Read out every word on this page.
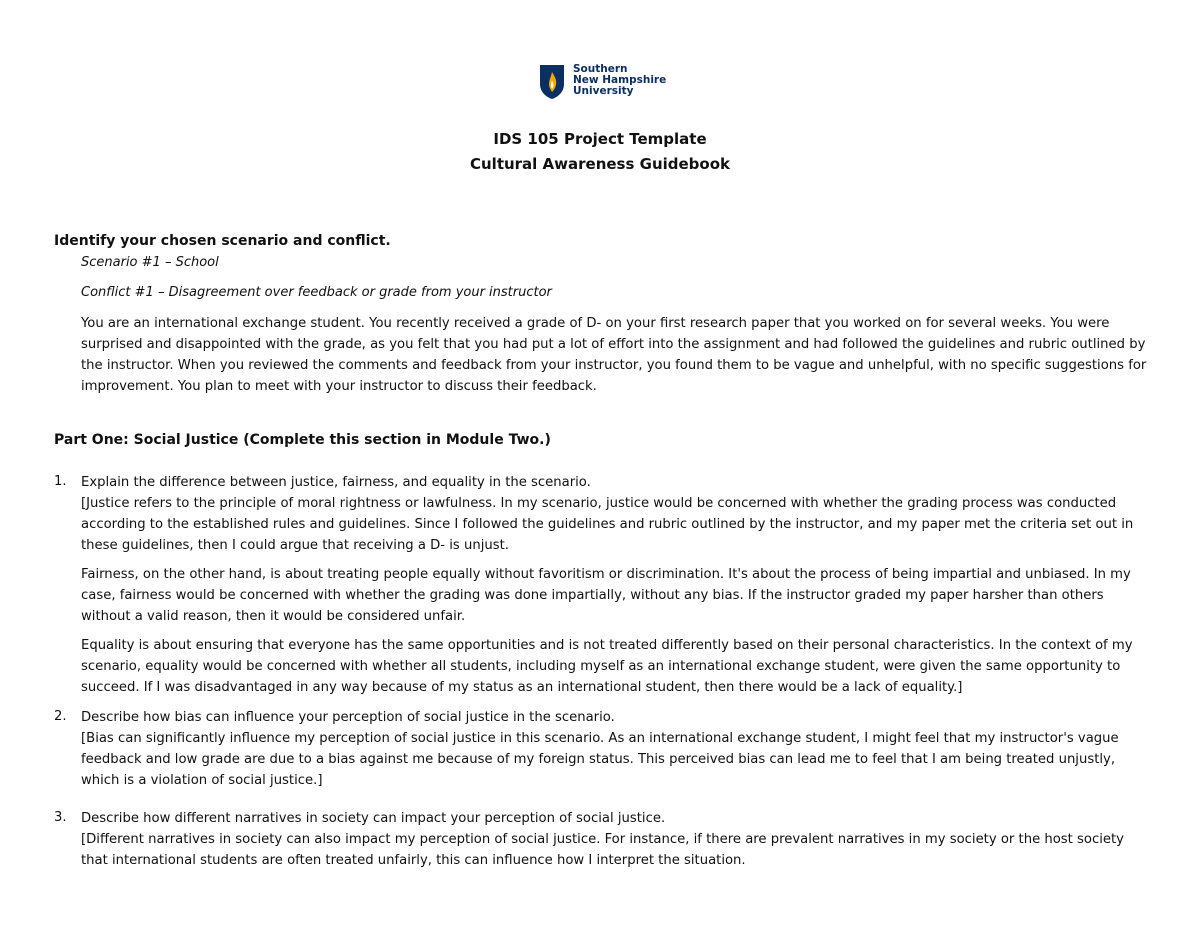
Southern
New Hampshire
University
IDS 105 Project Template
Cultural Awareness Guidebook
Identify your chosen scenario and conflict.
Scenario #1 – School
Conflict #1 – Disagreement over feedback or grade from your instructor
You are an international exchange student. You recently received a grade of D- on your first research paper that you worked on for several weeks. You were surprised and disappointed with the grade, as you felt that you had put a lot of effort into the assignment and had followed the guidelines and rubric outlined by the instructor. When you reviewed the comments and feedback from your instructor, you found them to be vague and unhelpful, with no specific suggestions for improvement. You plan to meet with your instructor to discuss their feedback.
Part One: Social Justice (Complete this section in Module Two.)
1. Explain the difference between justice, fairness, and equality in the scenario.
[Justice refers to the principle of moral rightness or lawfulness. In my scenario, justice would be concerned with whether the grading process was conducted according to the established rules and guidelines. Since I followed the guidelines and rubric outlined by the instructor, and my paper met the criteria set out in these guidelines, then I could argue that receiving a D- is unjust.
Fairness, on the other hand, is about treating people equally without favoritism or discrimination. It's about the process of being impartial and unbiased. In my case, fairness would be concerned with whether the grading was done impartially, without any bias. If the instructor graded my paper harsher than others without a valid reason, then it would be considered unfair.
Equality is about ensuring that everyone has the same opportunities and is not treated differently based on their personal characteristics. In the context of my scenario, equality would be concerned with whether all students, including myself as an international exchange student, were given the same opportunity to succeed. If I was disadvantaged in any way because of my status as an international student, then there would be a lack of equality.]
2. Describe how bias can influence your perception of social justice in the scenario.
[Bias can significantly influence my perception of social justice in this scenario. As an international exchange student, I might feel that my instructor's vague feedback and low grade are due to a bias against me because of my foreign status. This perceived bias can lead me to feel that I am being treated unjustly, which is a violation of social justice.]
3. Describe how different narratives in society can impact your perception of social justice.
[Different narratives in society can also impact my perception of social justice. For instance, if there are prevalent narratives in my society or the host society that international students are often treated unfairly, this can influence how I interpret the situation.
